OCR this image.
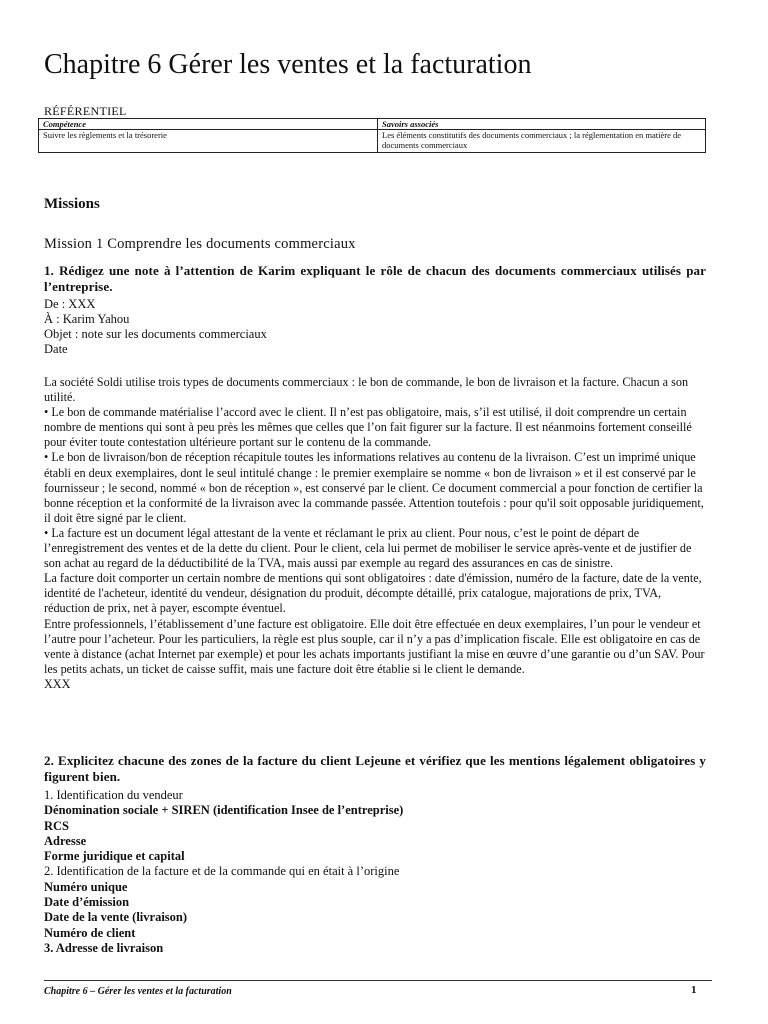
Chapitre 6 Gérer les ventes et la facturation
RÉFÉRENTIEL
Compétence	Savoirs associés
Suivre les règlements et la trésorerie	Les éléments constitutifs des documents commerciaux ; la réglementation en matière de documents commerciaux
Missions
Mission 1 Comprendre les documents commerciaux
1. Rédigez une note à l’attention de Karim expliquant le rôle de chacun des documents commerciaux utilisés par l’entreprise.
De : XXX
À : Karim Yahou
Objet : note sur les documents commerciaux
Date

La société Soldi utilise trois types de documents commerciaux : le bon de commande, le bon de livraison et la facture. Chacun a son utilité.

• Le bon de commande matérialise l’accord avec le client. Il n’est pas obligatoire, mais, s’il est utilisé, il doit comprendre un certain nombre de mentions qui sont à peu près les mêmes que celles que l’on fait figurer sur la facture. Il est néanmoins fortement conseillé pour éviter toute contestation ultérieure portant sur le contenu de la commande.

• Le bon de livraison/bon de réception récapitule toutes les informations relatives au contenu de la livraison. C’est un imprimé unique établi en deux exemplaires, dont le seul intitulé change : le premier exemplaire se nomme « bon de livraison » et il est conservé par le fournisseur ; le second, nommé « bon de réception », est conservé par le client. Ce document commercial a pour fonction de certifier la bonne réception et la conformité de la livraison avec la commande passée. Attention toutefois : pour qu'il soit opposable juridiquement, il doit être signé par le client.

• La facture est un document légal attestant de la vente et réclamant le prix au client. Pour nous, c’est le point de départ de l’enregistrement des ventes et de la dette du client. Pour le client, cela lui permet de mobiliser le service après-vente et de justifier de son achat au regard de la déductibilité de la TVA, mais aussi par exemple au regard des assurances en cas de sinistre.

La facture doit comporter un certain nombre de mentions qui sont obligatoires : date d'émission, numéro de la facture, date de la vente, identité de l'acheteur, identité du vendeur, désignation du produit, décompte détaillé, prix catalogue, majorations de prix, TVA, réduction de prix, net à payer, escompte éventuel.

Entre professionnels, l’établissement d’une facture est obligatoire. Elle doit être effectuée en deux exemplaires, l’un pour le vendeur et l’autre pour l’acheteur. Pour les particuliers, la règle est plus souple, car il n’y a pas d’implication fiscale. Elle est obligatoire en cas de vente à distance (achat Internet par exemple) et pour les achats importants justifiant la mise en œuvre d’une garantie ou d’un SAV. Pour les petits achats, un ticket de caisse suffit, mais une facture doit être établie si le client le demande.

XXX

2. Explicitez chacune des zones de la facture du client Lejeune et vérifiez que les mentions légalement obligatoires y figurent bien.
1. Identification du vendeur
Dénomination sociale + SIREN (identification Insee de l’entreprise)
RCS
Adresse
Forme juridique et capital
2. Identification de la facture et de la commande qui en était à l’origine
Numéro unique
Date d’émission
Date de la vente (livraison)
Numéro de client
3. Adresse de livraison
Chapitre 6 – Gérer les ventes et la facturation	1
